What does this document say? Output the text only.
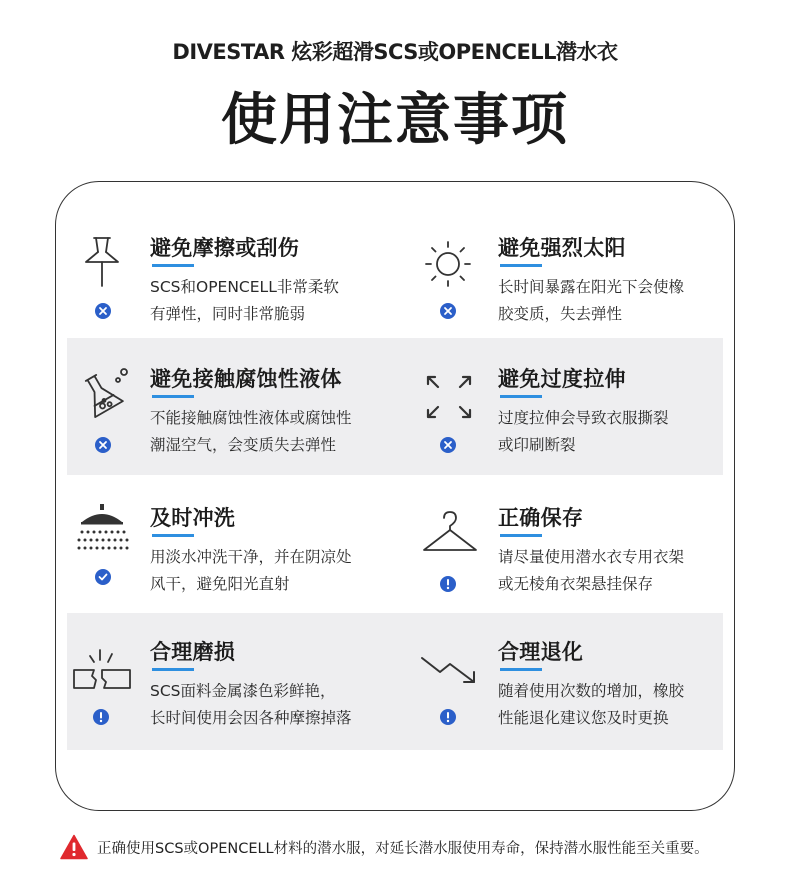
DIVESTAR 炫彩超滑SCS或OPENCELL潜水衣
使用注意事项
避免摩擦或刮伤
SCS和OPENCELL非常柔软
有弹性，同时非常脆弱
避免强烈太阳
长时间暴露在阳光下会使橡
胶变质，失去弹性
避免接触腐蚀性液体
不能接触腐蚀性液体或腐蚀性
潮湿空气，会变质失去弹性
避免过度拉伸
过度拉伸会导致衣服撕裂
或印刷断裂
及时冲洗
用淡水冲洗干净，并在阴凉处
风干，避免阳光直射
正确保存
请尽量使用潜水衣专用衣架
或无棱角衣架悬挂保存
合理磨损
SCS面料金属漆色彩鲜艳，
长时间使用会因各种摩擦掉落
合理退化
随着使用次数的增加，橡胶
性能退化建议您及时更换
正确使用SCS或OPENCELL材料的潜水服，对延长潜水服使用寿命，保持潜水服性能至关重要。
